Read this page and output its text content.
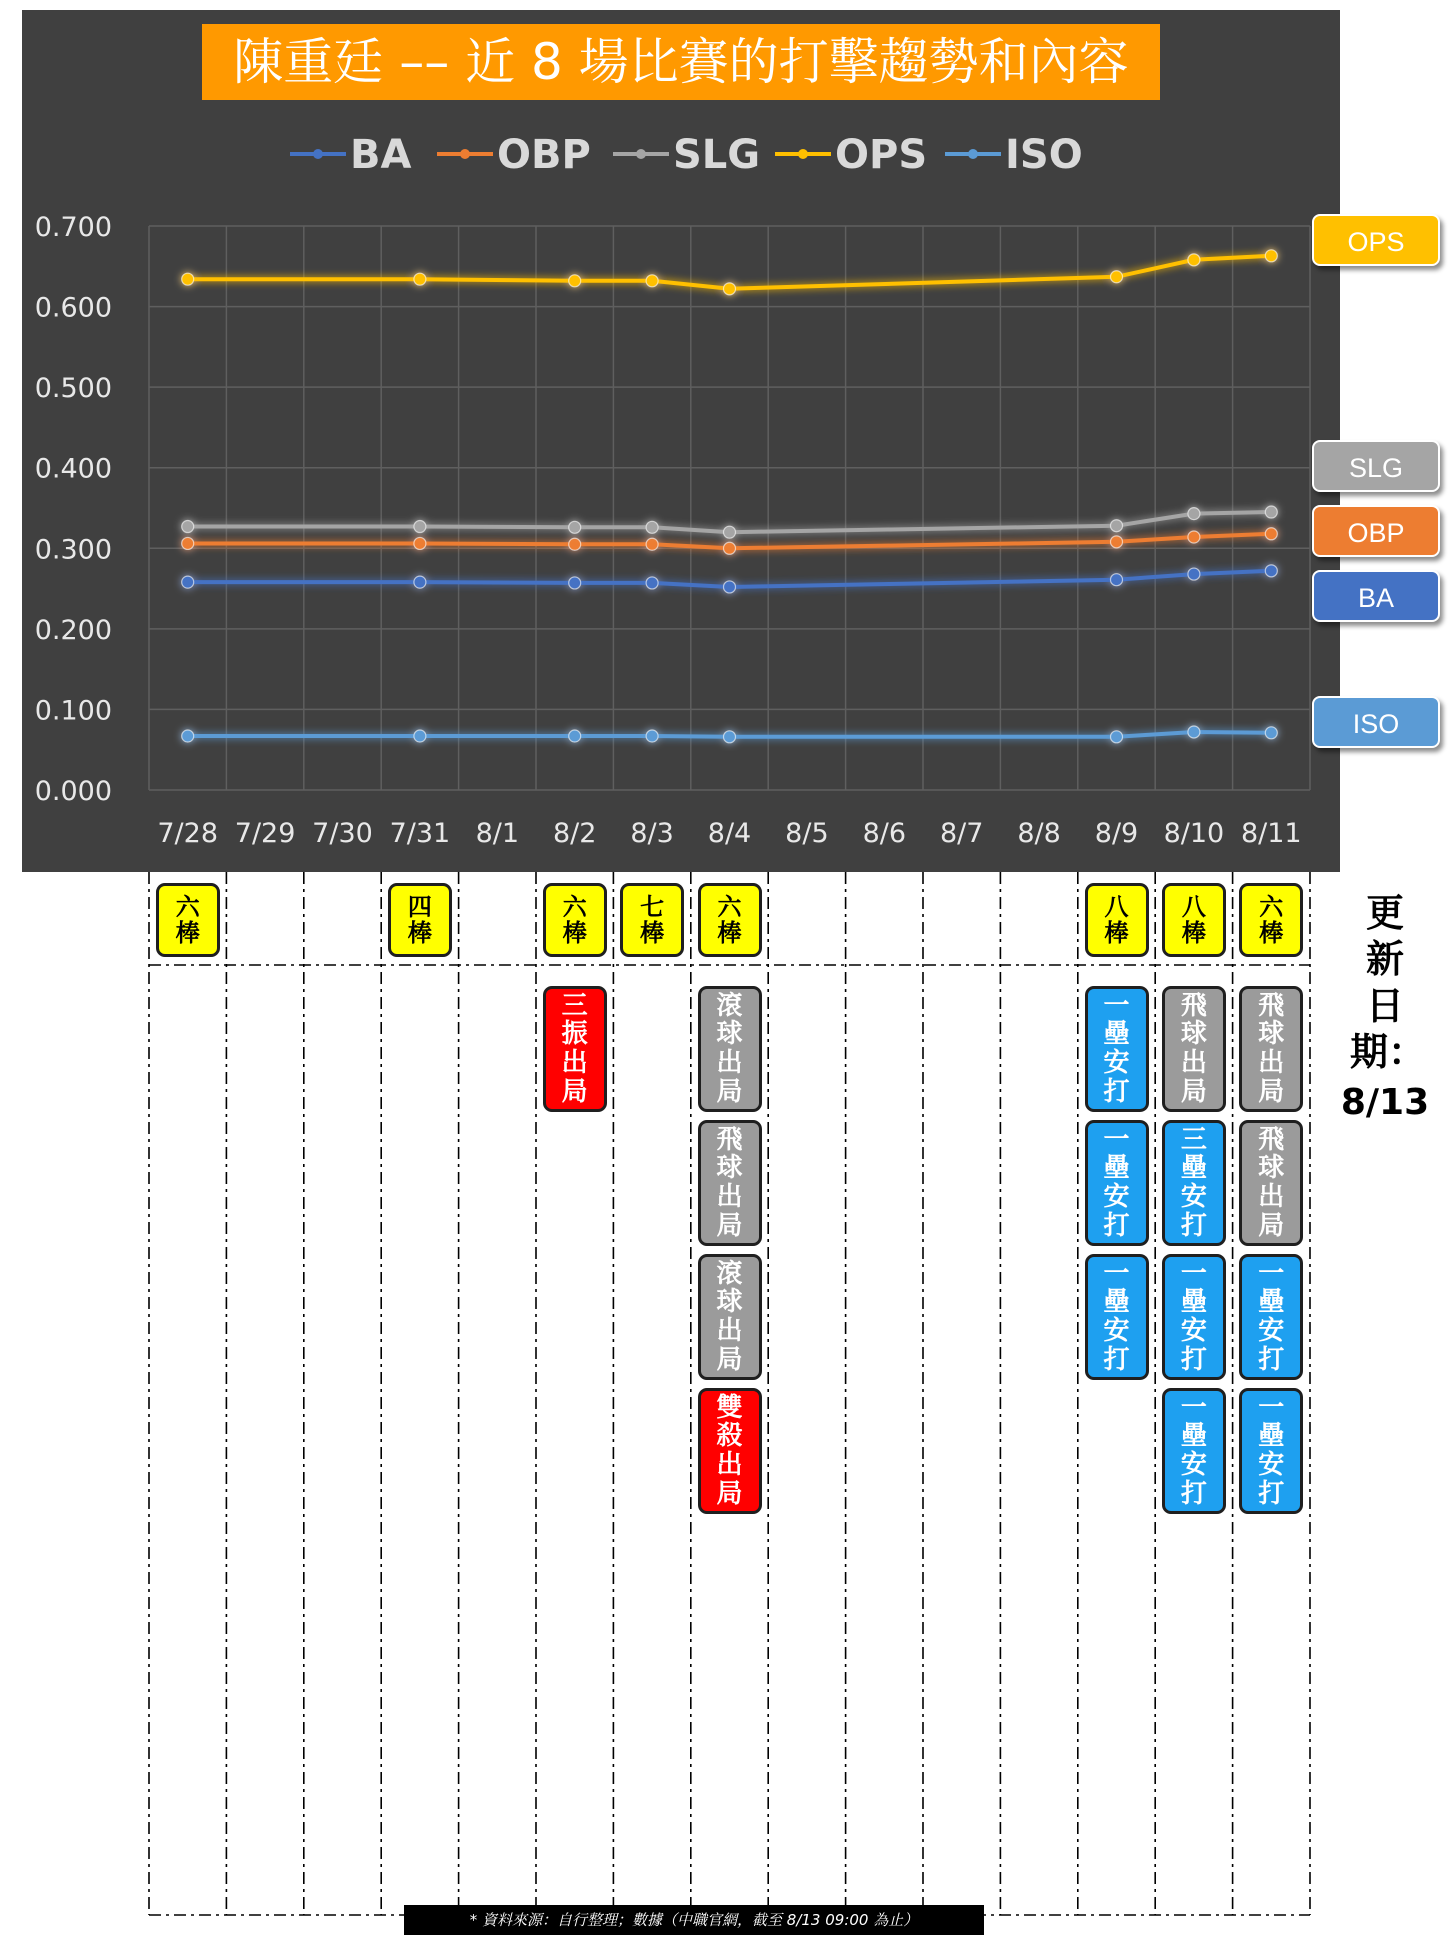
陳重廷 –– 近 8 場比賽的打擊趨勢和內容
0.700
0.600
0.500
0.400
0.300
0.200
0.100
0.000
7/28 7/29 7/30 7/31 8/1 8/2 8/3 8/4 8/5 8/6 8/7 8/8 8/9 8/10 8/11
BA OBP SLG OPS ISO
OPS
SLG
OBP
BA
ISO
六
棒
四
棒
六
棒
三
振
出
局
七
棒
六
棒
滾
球
出
局
飛
球
出
局
滾
球
出
局
雙
殺
出
局
八
棒
一
壘
安
打
一
壘
安
打
一
壘
安
打
八
棒
飛
球
出
局
三
壘
安
打
一
壘
安
打
一
壘
安
打
六
棒
飛
球
出
局
飛
球
出
局
一
壘
安
打
一
壘
安
打
更新日期：
8/13
* 資料來源：自行整理；數據（中職官網，截至 8/13 09:00 為止）
